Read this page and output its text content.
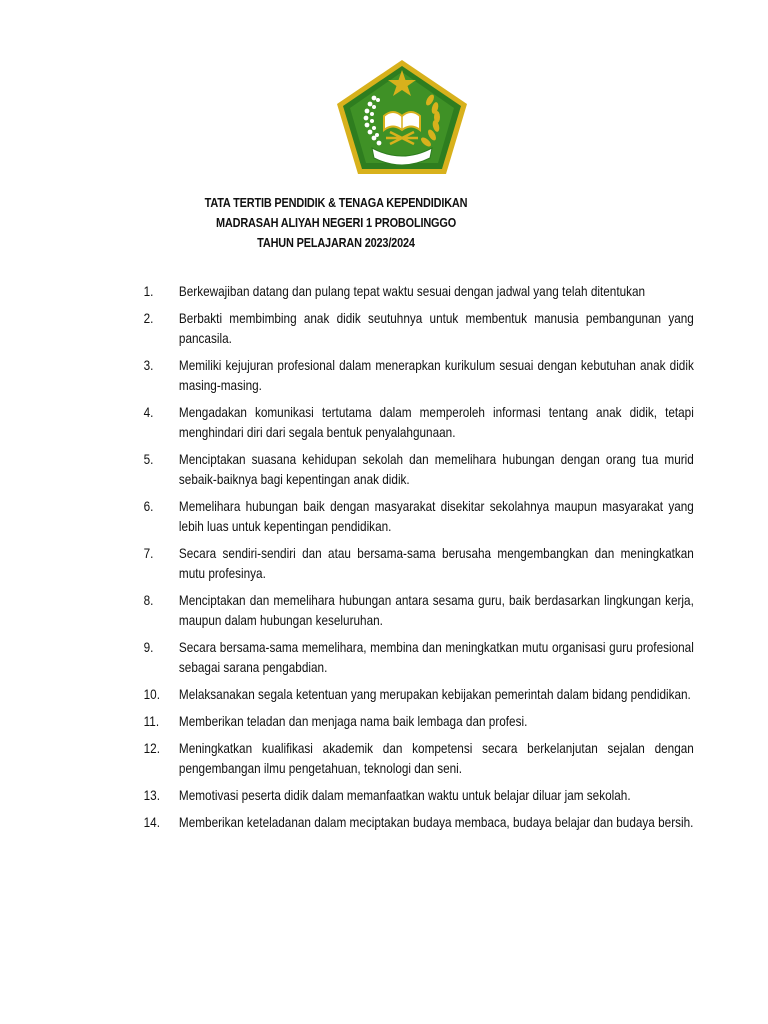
TATA TERTIB PENDIDIK & TENAGA KEPENDIDIKAN
MADRASAH ALIYAH NEGERI 1 PROBOLINGGO
TAHUN PELAJARAN 2023/2024
1. Berkewajiban datang dan pulang tepat waktu sesuai dengan jadwal yang telah ditentukan
2. Berbakti membimbing anak didik seutuhnya untuk membentuk manusia pembangunan yang pancasila.
3. Memiliki kejujuran profesional dalam menerapkan kurikulum sesuai dengan kebutuhan anak didik masing-masing.
4. Mengadakan komunikasi tertutama dalam memperoleh informasi tentang anak didik, tetapi menghindari diri dari segala bentuk penyalahgunaan.
5. Menciptakan suasana kehidupan sekolah dan memelihara hubungan dengan orang tua murid sebaik-baiknya bagi kepentingan anak didik.
6. Memelihara hubungan baik dengan masyarakat disekitar sekolahnya maupun masyarakat yang lebih luas untuk kepentingan pendidikan.
7. Secara sendiri-sendiri dan atau bersama-sama berusaha mengembangkan dan meningkatkan mutu profesinya.
8. Menciptakan dan memelihara hubungan antara sesama guru, baik berdasarkan lingkungan kerja, maupun dalam hubungan keseluruhan.
9. Secara bersama-sama memelihara, membina dan meningkatkan mutu organisasi guru profesional sebagai sarana pengabdian.
10. Melaksanakan segala ketentuan yang merupakan kebijakan pemerintah dalam bidang pendidikan.
11. Memberikan teladan dan menjaga nama baik lembaga dan profesi.
12. Meningkatkan kualifikasi akademik dan kompetensi secara berkelanjutan sejalan dengan pengembangan ilmu pengetahuan, teknologi dan seni.
13. Memotivasi peserta didik dalam memanfaatkan waktu untuk belajar diluar jam sekolah.
14. Memberikan keteladanan dalam meciptakan budaya membaca, budaya belajar dan budaya bersih.
